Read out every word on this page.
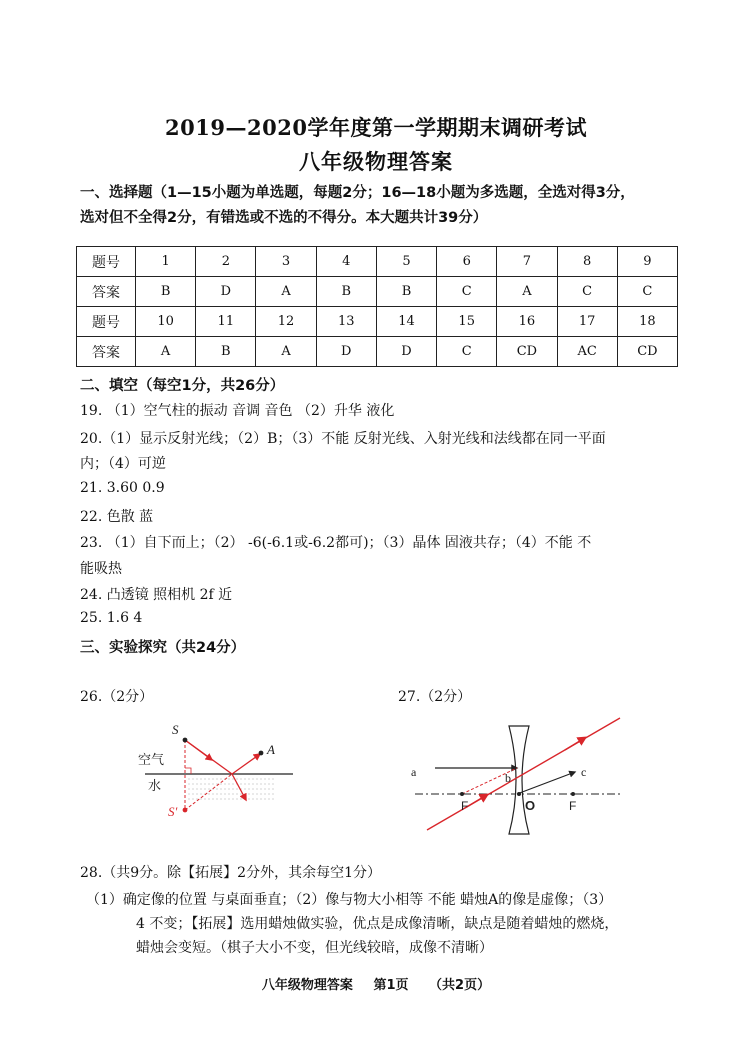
2019—2020学年度第一学期期末调研考试
八年级物理答案
一、选择题（1—15小题为单选题，每题2分；16—18小题为多选题，全选对得3分，
选对但不全得2分，有错选或不选的不得分。本大题共计39分）
题号	1	2	3	4	5	6	7	8	9
答案	B	D	A	B	B	C	A	C	C
题号	10	11	12	13	14	15	16	17	18
答案	A	B	A	D	D	C	CD	AC	CD
二、填空（每空1分，共26分）
19. （1）空气柱的振动 音调 音色 （2）升华 液化
20.（1）显示反射光线；（2）B；（3）不能 反射光线、入射光线和法线都在同一平面
内；（4）可逆
21. 3.60 0.9
22. 色散 蓝
23. （1）自下而上；（2） -6(-6.1或-6.2都可)；（3）晶体 固液共存；（4）不能 不
能吸热
24. 凸透镜 照相机 2f 近
25. 1.6 4
三、实验探究（共24分）
26.（2分）	27.（2分）
S
A
空气
水
S′
a	b	c
F	O	F
28.（共9分。除【拓展】2分外，其余每空1分）
（1）确定像的位置 与桌面垂直；（2）像与物大小相等 不能 蜡烛A的像是虚像；（3）
4 不变；【拓展】选用蜡烛做实验，优点是成像清晰，缺点是随着蜡烛的燃烧，
蜡烛会变短。（棋子大小不变，但光线较暗，成像不清晰）
八年级物理答案 第1页 （共2页）
